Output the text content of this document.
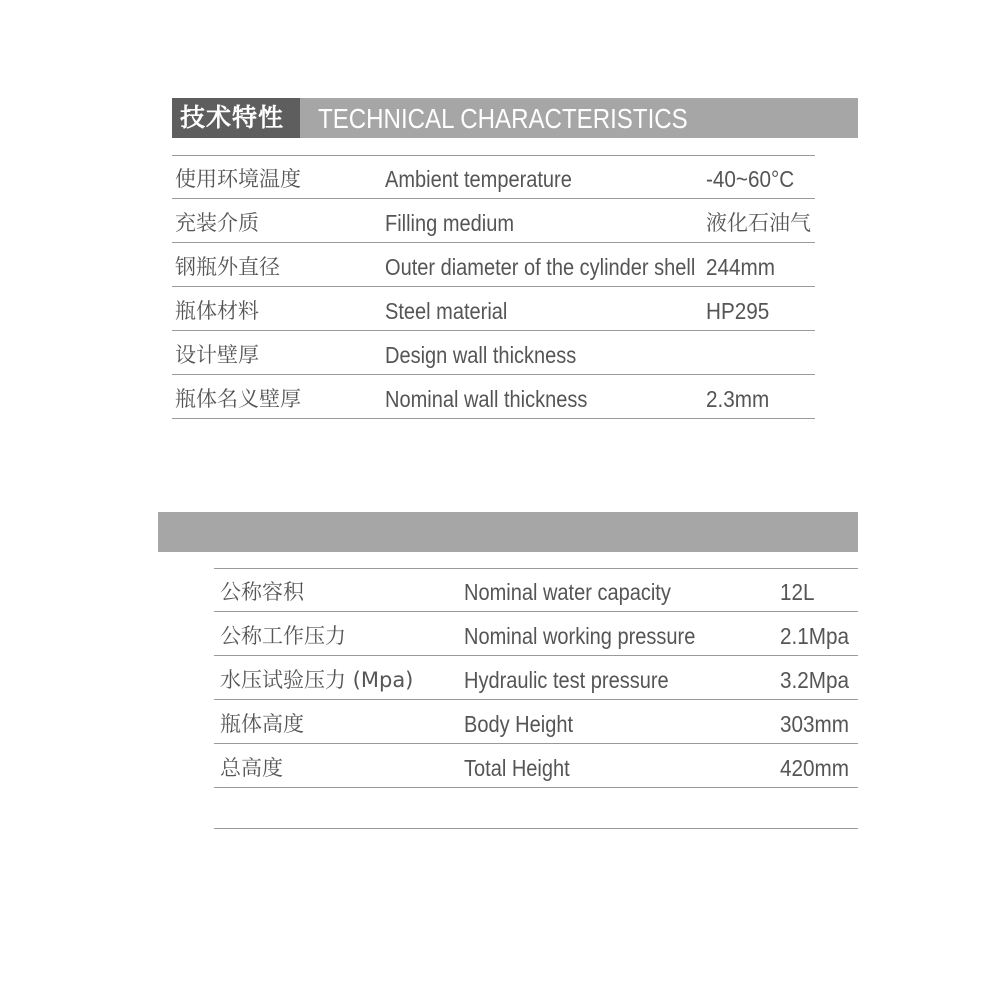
技术特性	TECHNICAL CHARACTERISTICS
使用环境温度	Ambient temperature	-40~60°C
充装介质	Filling medium	液化石油气
钢瓶外直径	Outer diameter of the cylinder shell 244mm
瓶体材料	Steel material	HP295
设计壁厚	Design wall thickness
瓶体名义壁厚	Nominal wall thickness	2.3mm
公称容积	Nominal water capacity	12L
公称工作压力	Nominal working pressure	2.1Mpa
水压试验压力 (Mpa) Hydraulic test pressure	3.2Mpa
瓶体高度	Body Height	303mm
总高度	Total Height	420mm
